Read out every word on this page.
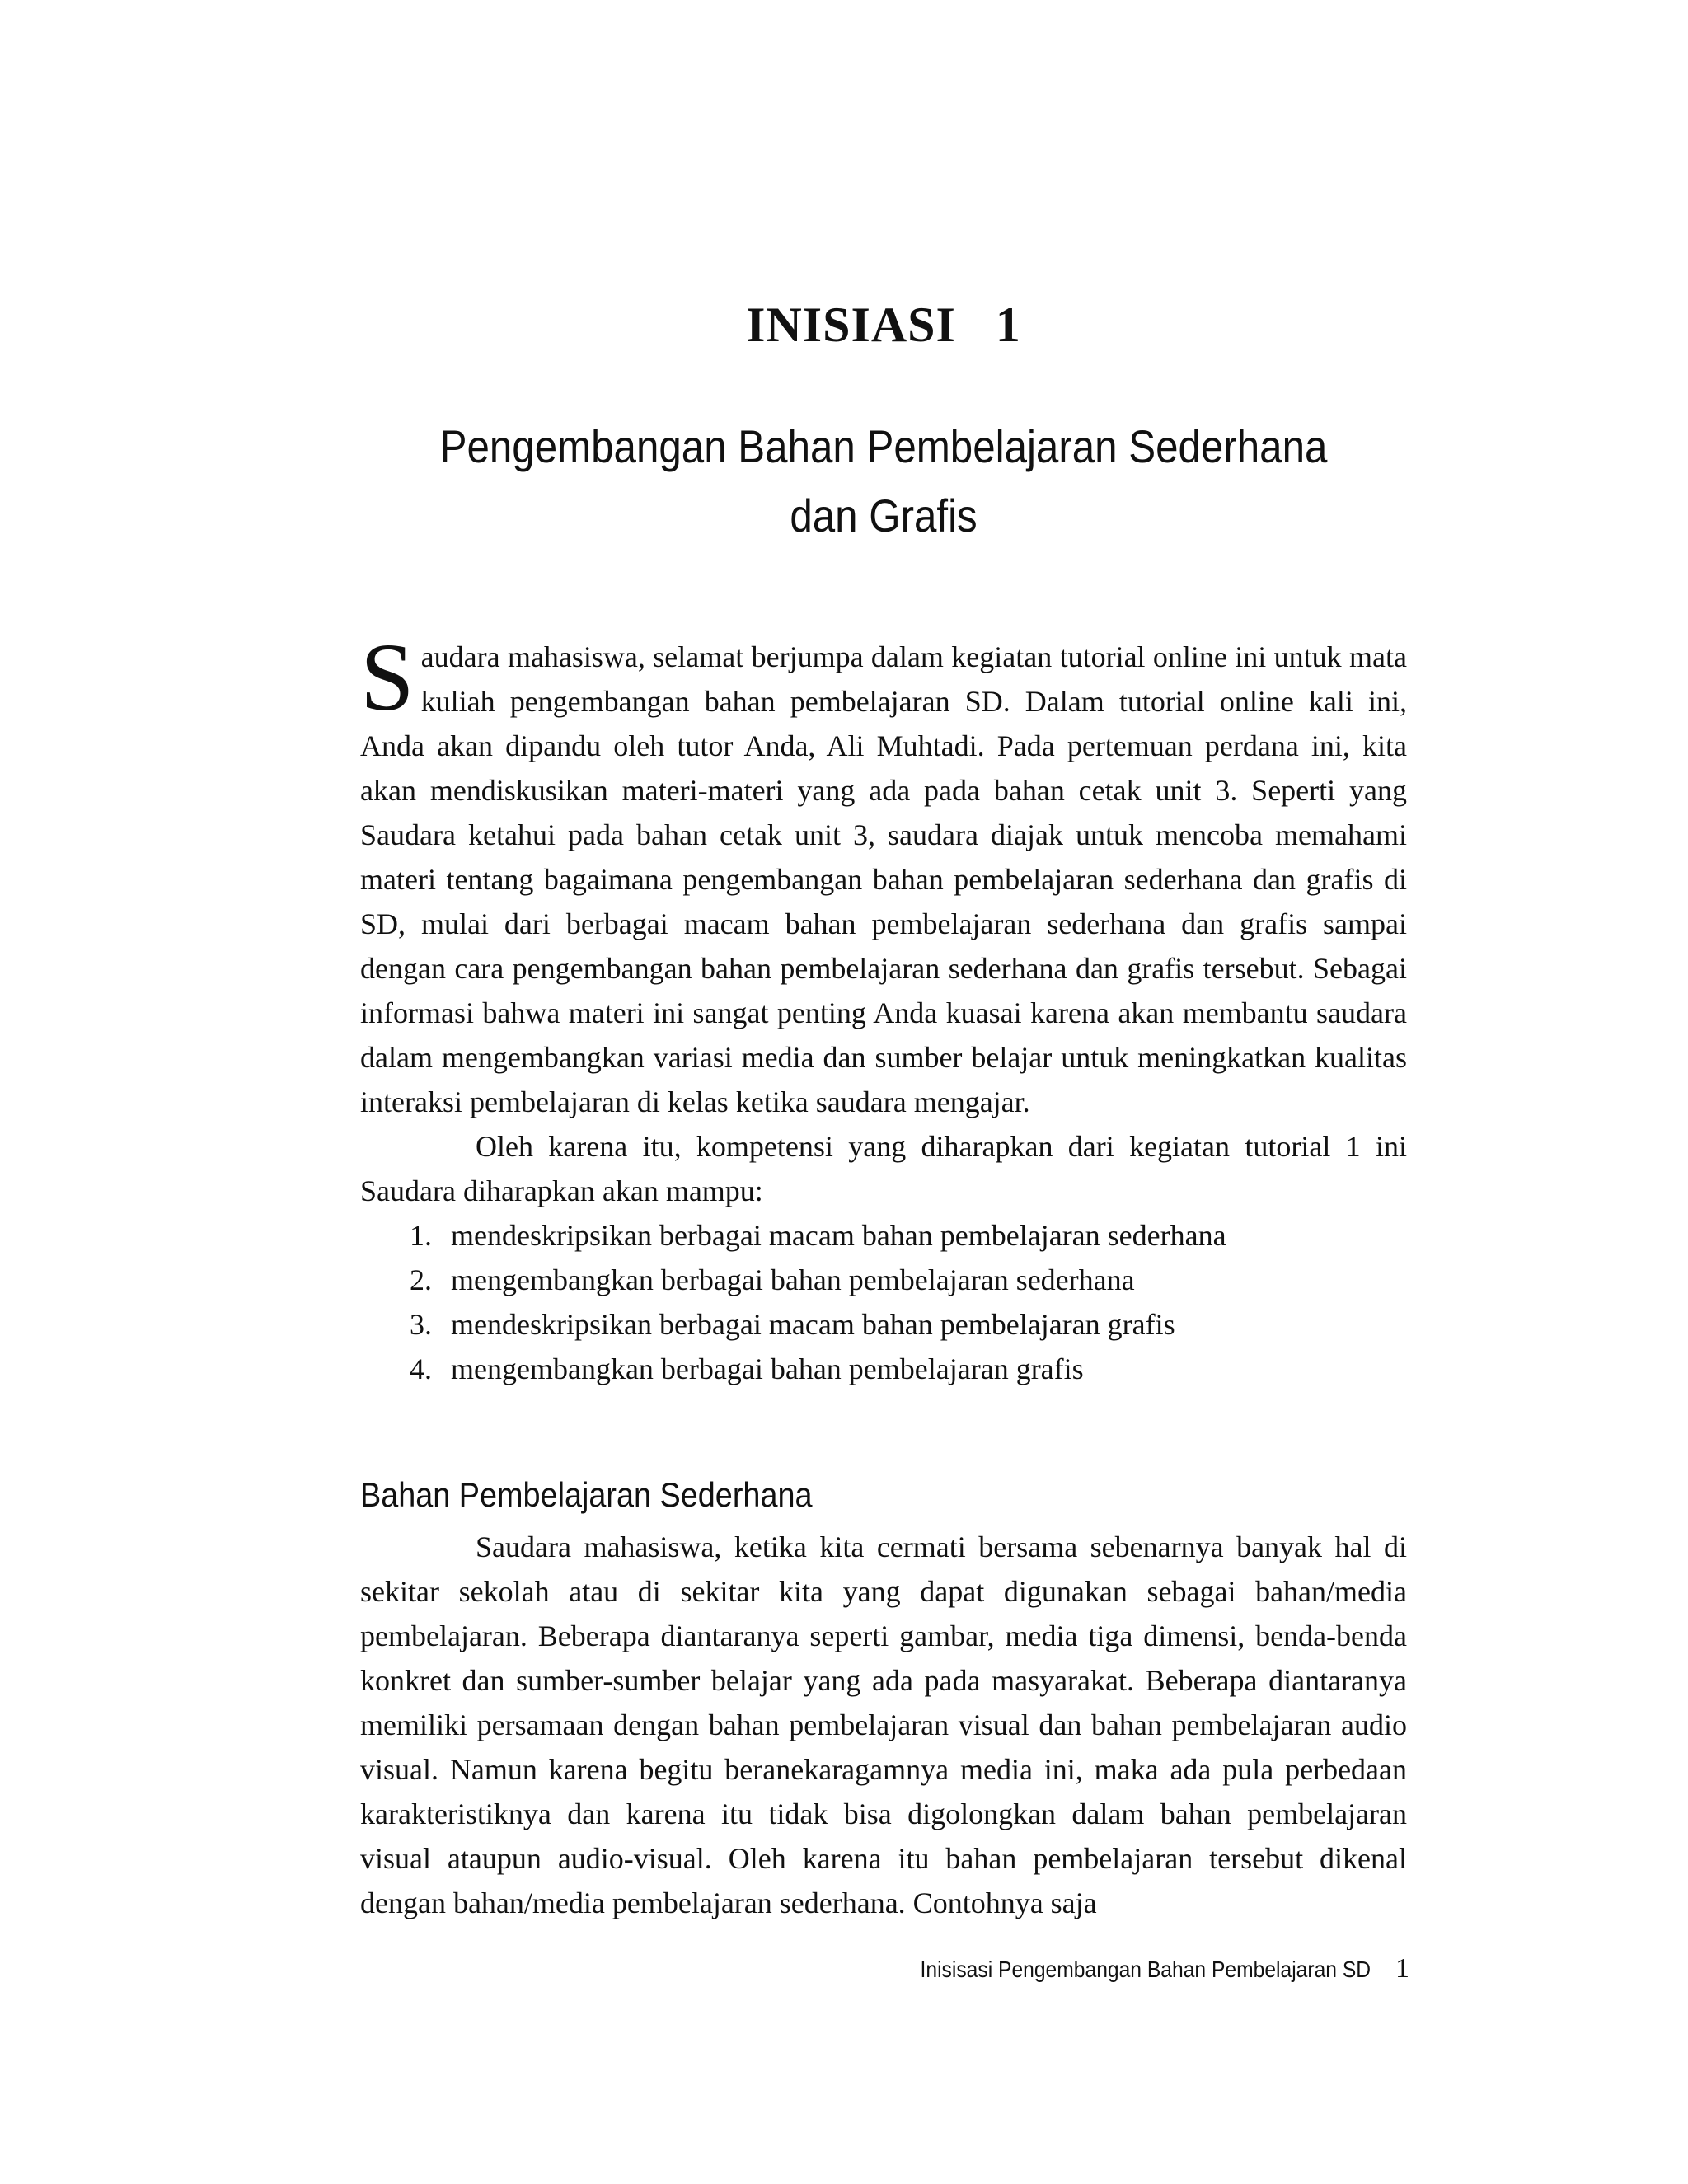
INISIASI   1
Pengembangan Bahan Pembelajaran Sederhana
dan Grafis

Saudara mahasiswa, selamat berjumpa dalam kegiatan tutorial online ini untuk mata kuliah pengembangan bahan pembelajaran SD. Dalam tutorial online kali ini, Anda akan dipandu oleh tutor Anda, Ali Muhtadi. Pada pertemuan perdana ini, kita akan mendiskusikan materi-materi yang ada pada bahan cetak unit 3. Seperti yang Saudara ketahui pada bahan cetak unit 3, saudara diajak untuk mencoba memahami materi tentang bagaimana pengembangan bahan pembelajaran sederhana dan grafis di SD, mulai dari berbagai macam bahan pembelajaran sederhana dan grafis sampai dengan cara pengembangan bahan pembelajaran sederhana dan grafis tersebut. Sebagai informasi bahwa materi ini sangat penting Anda kuasai karena akan membantu saudara dalam mengembangkan variasi media dan sumber belajar untuk meningkatkan kualitas interaksi pembelajaran di kelas ketika saudara mengajar.

Oleh karena itu, kompetensi yang diharapkan dari kegiatan tutorial 1 ini Saudara diharapkan akan mampu:

1. mendeskripsikan berbagai macam bahan pembelajaran sederhana
2. mengembangkan berbagai bahan pembelajaran sederhana
3. mendeskripsikan berbagai macam bahan pembelajaran grafis
4. mengembangkan berbagai bahan pembelajaran grafis
Bahan Pembelajaran Sederhana

Saudara mahasiswa, ketika kita cermati bersama sebenarnya banyak hal di sekitar sekolah atau di sekitar kita yang dapat digunakan sebagai bahan/media pembelajaran. Beberapa diantaranya seperti gambar, media tiga dimensi, benda-benda konkret dan sumber-sumber belajar yang ada pada masyarakat. Beberapa diantaranya memiliki persamaan dengan bahan pembelajaran visual dan bahan pembelajaran audio visual. Namun karena begitu beranekaragamnya media ini, maka ada pula perbedaan karakteristiknya dan karena itu tidak bisa digolongkan dalam bahan pembelajaran visual ataupun audio-visual. Oleh karena itu bahan pembelajaran tersebut dikenal dengan bahan/media pembelajaran sederhana. Contohnya saja

Inisisasi Pengembangan Bahan Pembelajaran SD 1
